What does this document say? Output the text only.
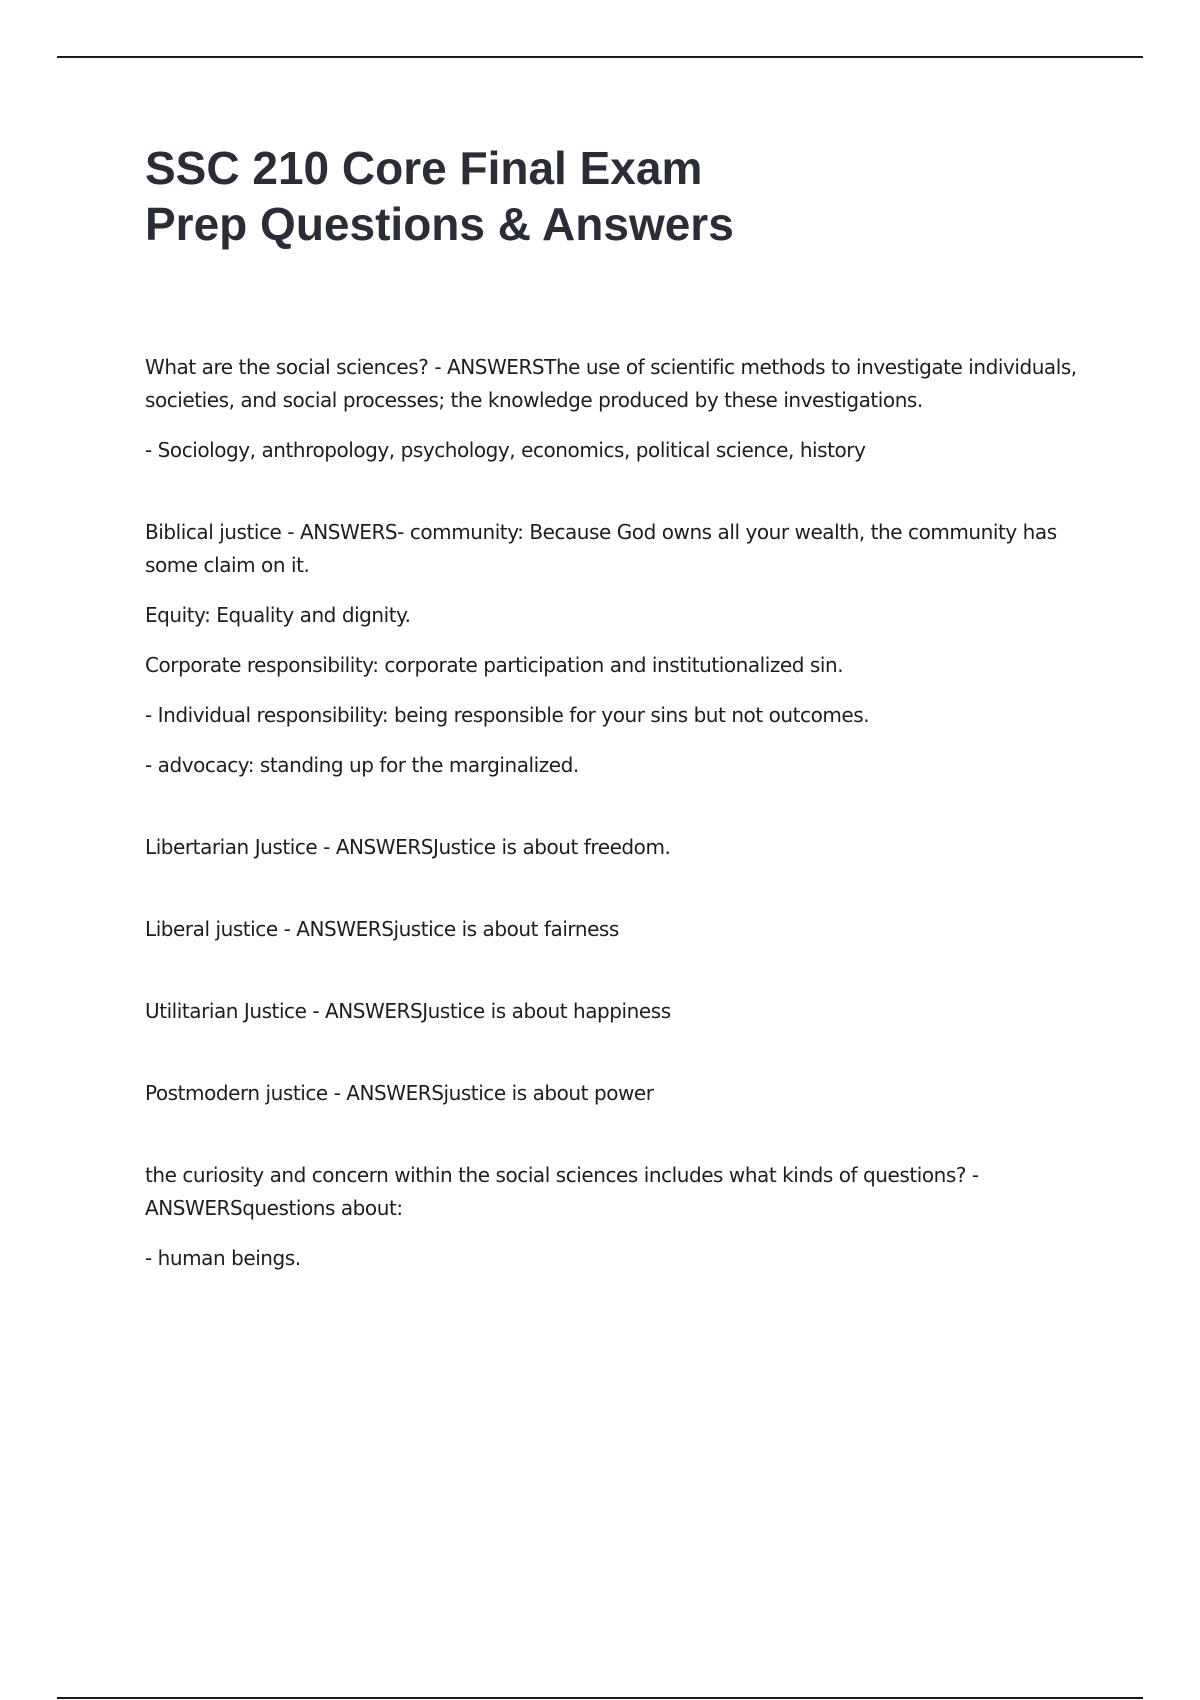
SSC 210 Core Final Exam Prep Questions & Answers

What are the social sciences? - ANSWERSThe use of scientific methods to investigate individuals, societies, and social processes; the knowledge produced by these investigations.

- Sociology, anthropology, psychology, economics, political science, history

Biblical justice - ANSWERS- community: Because God owns all your wealth, the community has some claim on it.

Equity: Equality and dignity.

Corporate responsibility: corporate participation and institutionalized sin.

- Individual responsibility: being responsible for your sins but not outcomes.

- advocacy: standing up for the marginalized.

Libertarian Justice - ANSWERSJustice is about freedom.

Liberal justice - ANSWERSjustice is about fairness

Utilitarian Justice - ANSWERSJustice is about happiness

Postmodern justice - ANSWERSjustice is about power

the curiosity and concern within the social sciences includes what kinds of questions? - ANSWERSquestions about:

- human beings.
